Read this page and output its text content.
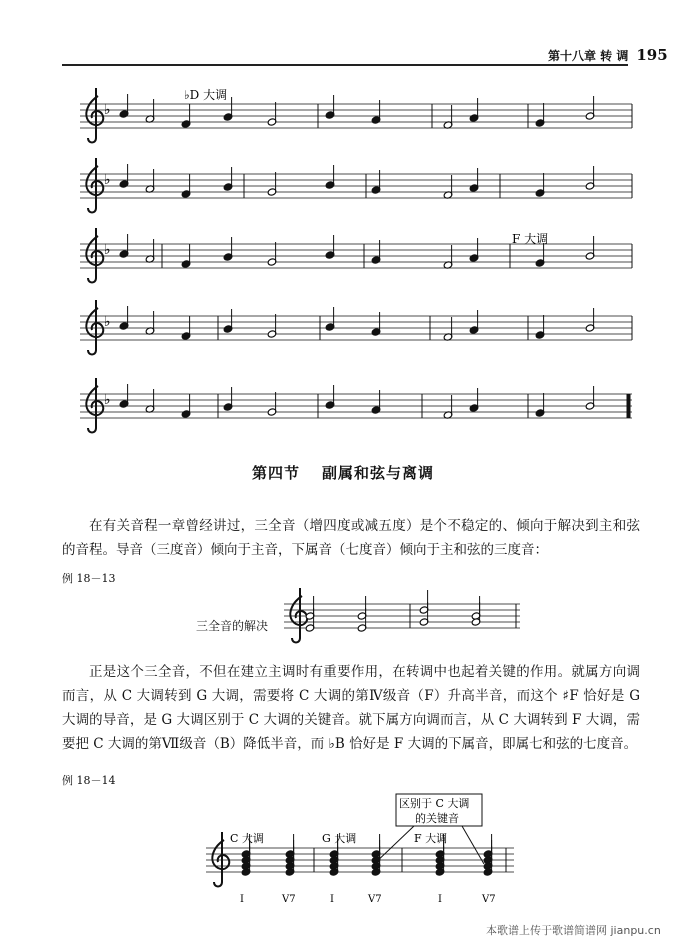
第十八章 转 调 195
♭
♭
♭
♭
♭
♭D 大调
F 大调
区别于 C 大调
的关键音
C 大调	G 大调	F 大调
I	V7	I	V7	I	V7
第四节 副属和弦与离调
在有关音程一章曾经讲过，三全音（增四度或减五度）是个不稳定的、倾向于解决到主和弦的音程。导音（三度音）倾向于主音，下属音（七度音）倾向于主和弦的三度音：
例 18－13
三全音的解决
正是这个三全音，不但在建立主调时有重要作用，在转调中也起着关键的作用。就属方向调而言，从 C 大调转到 G 大调，需要将 C 大调的第Ⅳ级音（F）升高半音，而这个 ♯F 恰好是 G 大调的导音，是 G 大调区别于 C 大调的关键音。就下属方向调而言，从 C 大调转到 F 大调，需要把 C 大调的第Ⅶ级音（B）降低半音，而 ♭B 恰好是 F 大调的下属音，即属七和弦的七度音。
例 18－14
本歌谱上传于歌谱简谱网 jianpu.cn
